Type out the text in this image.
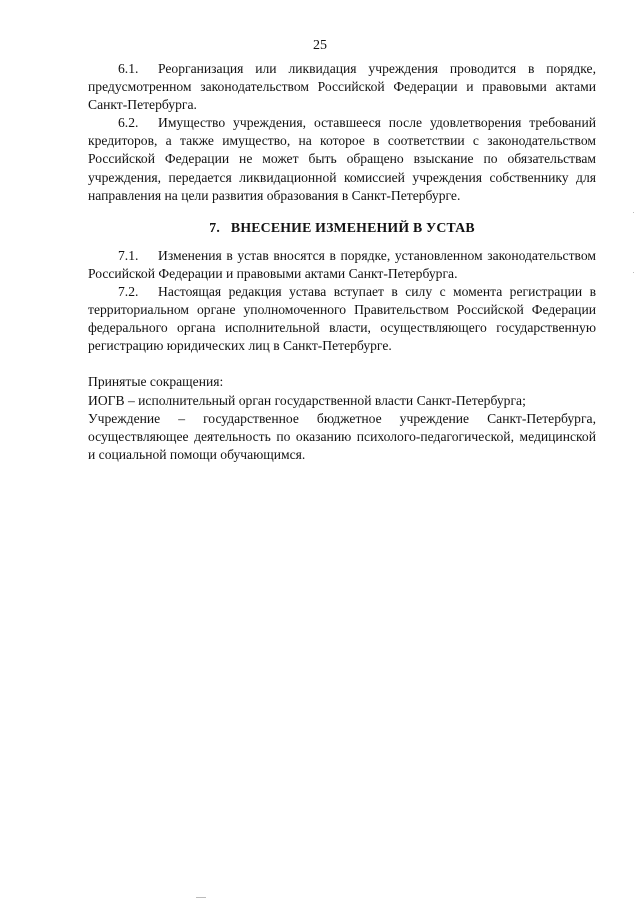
25

6.1. Реорганизация или ликвидация учреждения проводится в порядке, предусмотренном законодательством Российской Федерации и правовыми актами Санкт-Петербурга.

6.2. Имущество учреждения, оставшееся после удовлетворения требований кредиторов, а также имущество, на которое в соответствии с законодательством Российской Федерации не может быть обращено взыскание по обязательствам учреждения, передается ликвидационной комиссией учреждения собственнику для направления на цели развития образования в Санкт-Петербурге.

7.   ВНЕСЕНИЕ ИЗМЕНЕНИЙ В УСТАВ

7.1. Изменения в устав вносятся в порядке, установленном законодательством Российской Федерации и правовыми актами Санкт-Петербурга.

7.2. Настоящая редакция устава вступает в силу с момента регистрации в территориальном органе уполномоченного Правительством Российской Федерации федерального органа исполнительной власти, осуществляющего государственную регистрацию юридических лиц в Санкт-Петербурге.

Принятые сокращения:

ИОГВ – исполнительный орган государственной власти Санкт-Петербурга;

Учреждение – государственное бюджетное учреждение Санкт-Петербурга, осуществляющее деятельность по оказанию психолого-педагогической, медицинской и социальной помощи обучающимся.
